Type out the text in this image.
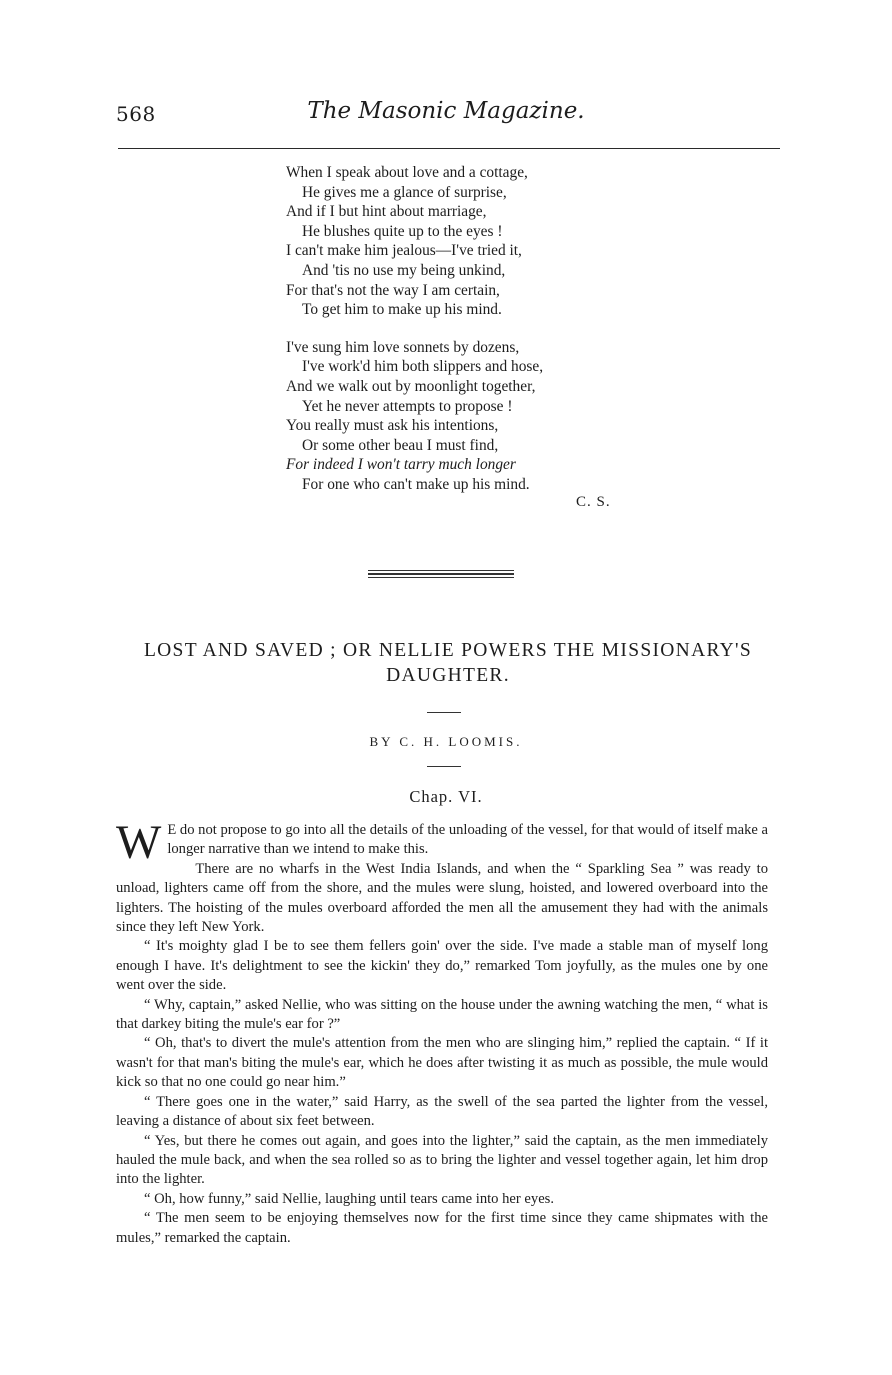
568	The Masonic Magazine.
When I speak about love and a cottage,
He gives me a glance of surprise,
And if I but hint about marriage,
He blushes quite up to the eyes !
I can't make him jealous—I've tried it,
And 'tis no use my being unkind,
For that's not the way I am certain,
To get him to make up his mind.
I've sung him love sonnets by dozens,
I've work'd him both slippers and hose,
And we walk out by moonlight together,
Yet he never attempts to propose !
You really must ask his intentions,
Or some other beau I must find,
For indeed I won't tarry much longer
For one who can't make up his mind.
C. S.
LOST AND SAVED ; OR NELLIE POWERS THE MISSIONARY'S DAUGHTER.
BY C. H. LOOMIS.
Chap. VI.

W E do not propose to go into all the details of the unloading of the vessel, for that would of itself make a longer narrative than we intend to make this.

There are no wharfs in the West India Islands, and when the “ Sparkling Sea ” was ready to unload, lighters came off from the shore, and the mules were slung, hoisted, and lowered overboard into the lighters. The hoisting of the mules overboard afforded the men all the amusement they had with the animals since they left New York.

“ It's moighty glad I be to see them fellers goin' over the side. I've made a stable man of myself long enough I have. It's delightment to see the kickin' they do,” remarked Tom joyfully, as the mules one by one went over the side.

“ Why, captain,” asked Nellie, who was sitting on the house under the awning watching the men, “ what is that darkey biting the mule's ear for ?”

“ Oh, that's to divert the mule's attention from the men who are slinging him,” replied the captain. “ If it wasn't for that man's biting the mule's ear, which he does after twisting it as much as possible, the mule would kick so that no one could go near him.”

“ There goes one in the water,” said Harry, as the swell of the sea parted the lighter from the vessel, leaving a distance of about six feet between.

“ Yes, but there he comes out again, and goes into the lighter,” said the captain, as the men immediately hauled the mule back, and when the sea rolled so as to bring the lighter and vessel together again, let him drop into the lighter.

“ Oh, how funny,” said Nellie, laughing until tears came into her eyes.

“ The men seem to be enjoying themselves now for the first time since they came shipmates with the mules,” remarked the captain.
